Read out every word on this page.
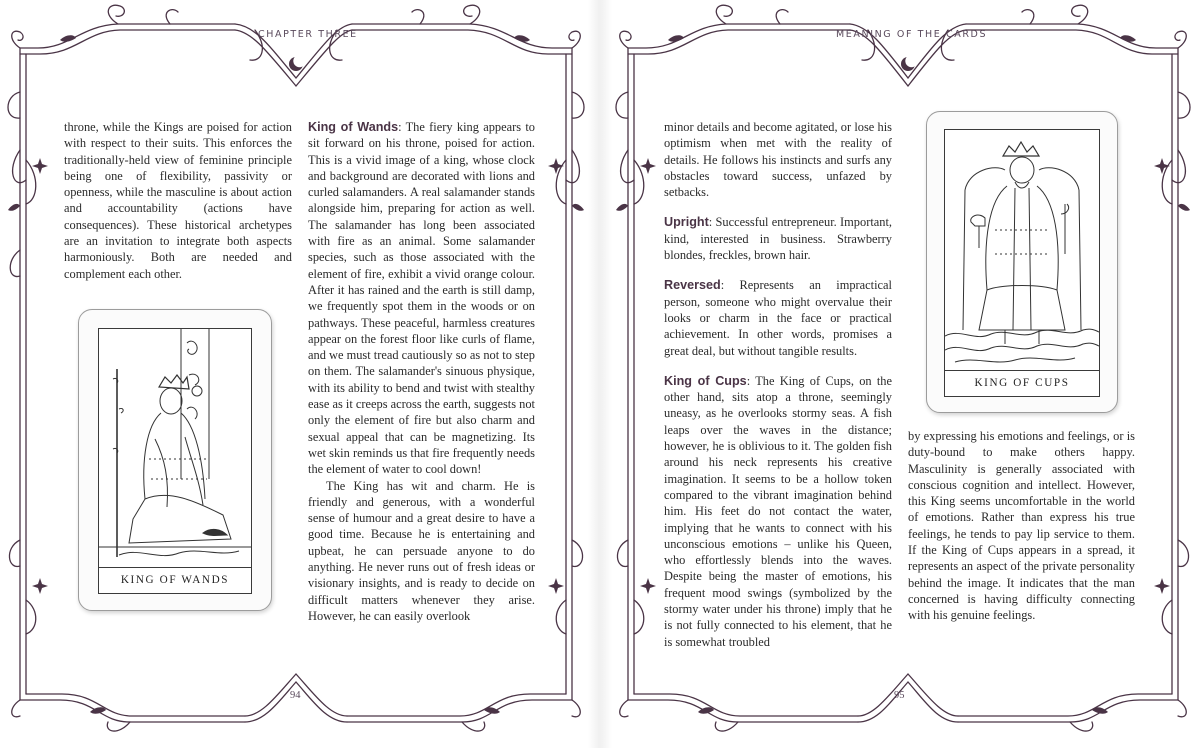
CHAPTER THREE

throne, while the Kings are poised for action with respect to their suits. This enforces the traditionally-held view of feminine principle being one of flexibility, passivity or openness, while the masculine is about action and accountability (actions have consequences). These historical archetypes are an invitation to integrate both aspects harmoniously. Both are needed and complement each other.

KING OF WANDS

King of Wands: The fiery king appears to sit forward on his throne, poised for action. This is a vivid image of a king, whose clock and background are decorated with lions and curled salamanders. A real salamander stands alongside him, preparing for action as well. The salamander has long been associated with fire as an animal. Some salamander species, such as those associated with the element of fire, exhibit a vivid orange colour. After it has rained and the earth is still damp, we frequently spot them in the woods or on pathways. These peaceful, harmless creatures appear on the forest floor like curls of flame, and we must tread cautiously so as not to step on them. The salamander's sinuous physique, with its ability to bend and twist with stealthy ease as it creeps across the earth, suggests not only the element of fire but also charm and sexual appeal that can be magnetizing. Its wet skin reminds us that fire frequently needs the element of water to cool down!

The King has wit and charm. He is friendly and generous, with a wonderful sense of humour and a great desire to have a good time. Because he is entertaining and upbeat, he can persuade anyone to do anything. He never runs out of fresh ideas or visionary insights, and is ready to decide on difficult matters whenever they arise. However, he can easily overlook

94
MEANING OF THE CARDS

minor details and become agitated, or lose his optimism when met with the reality of details. He follows his instincts and surfs any obstacles toward success, unfazed by setbacks.

Upright: Successful entrepreneur. Important, kind, interested in business. Strawberry blondes, freckles, brown hair.

Reversed: Represents an impractical person, someone who might overvalue their looks or charm in the face or practical achievement. In other words, promises a great deal, but without tangible results.

King of Cups: The King of Cups, on the other hand, sits atop a throne, seemingly uneasy, as he overlooks stormy seas. A fish leaps over the waves in the distance; however, he is oblivious to it. The golden fish around his neck represents his creative imagination. It seems to be a hollow token compared to the vibrant imagination behind him. His feet do not contact the water, implying that he wants to connect with his unconscious emotions – unlike his Queen, who effortlessly blends into the waves. Despite being the master of emotions, his frequent mood swings (symbolized by the stormy water under his throne) imply that he is not fully connected to his element, that he is somewhat troubled

KING OF CUPS

by expressing his emotions and feelings, or is duty-bound to make others happy. Masculinity is generally associated with conscious cognition and intellect. However, this King seems uncomfortable in the world of emotions. Rather than express his true feelings, he tends to pay lip service to them. If the King of Cups appears in a spread, it represents an aspect of the private personality behind the image. It indicates that the man concerned is having difficulty connecting with his genuine feelings.

95
